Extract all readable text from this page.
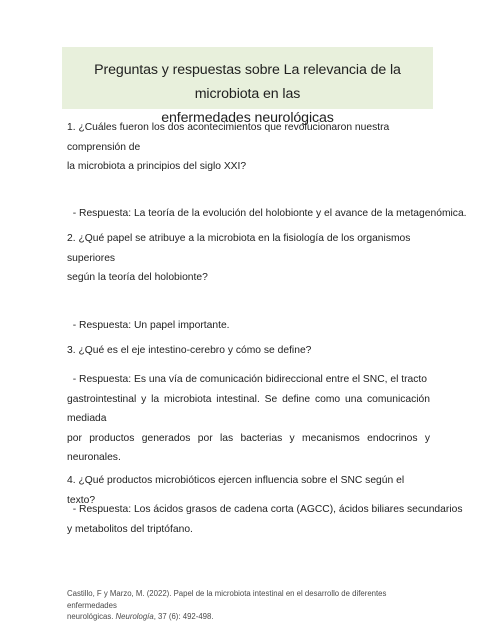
Preguntas y respuestas sobre La relevancia de la microbiota en las
enfermedades neurológicas

1. ¿Cuáles fueron los dos acontecimientos que revolucionaron nuestra comprensión de

la microbiota a principios del siglo XXI?

- Respuesta: La teoría de la evolución del holobionte y el avance de la metagenómica.

2. ¿Qué papel se atribuye a la microbiota en la fisiología de los organismos superiores

según la teoría del holobionte?

- Respuesta: Un papel importante.

3. ¿Qué es el eje intestino-cerebro y cómo se define?

- Respuesta: Es una vía de comunicación bidireccional entre el SNC, el tracto

gastrointestinal y la microbiota intestinal. Se define como una comunicación mediada

por productos generados por las bacterias y mecanismos endocrinos y neuronales.

4. ¿Qué productos microbióticos ejercen influencia sobre el SNC según el texto?

- Respuesta: Los ácidos grasos de cadena corta (AGCC), ácidos biliares secundarios

y metabolitos del triptófano.

Castillo, F y Marzo, M. (2022). Papel de la microbiota intestinal en el desarrollo de diferentes enfermedades
neurológicas. Neurología, 37 (6): 492-498.
